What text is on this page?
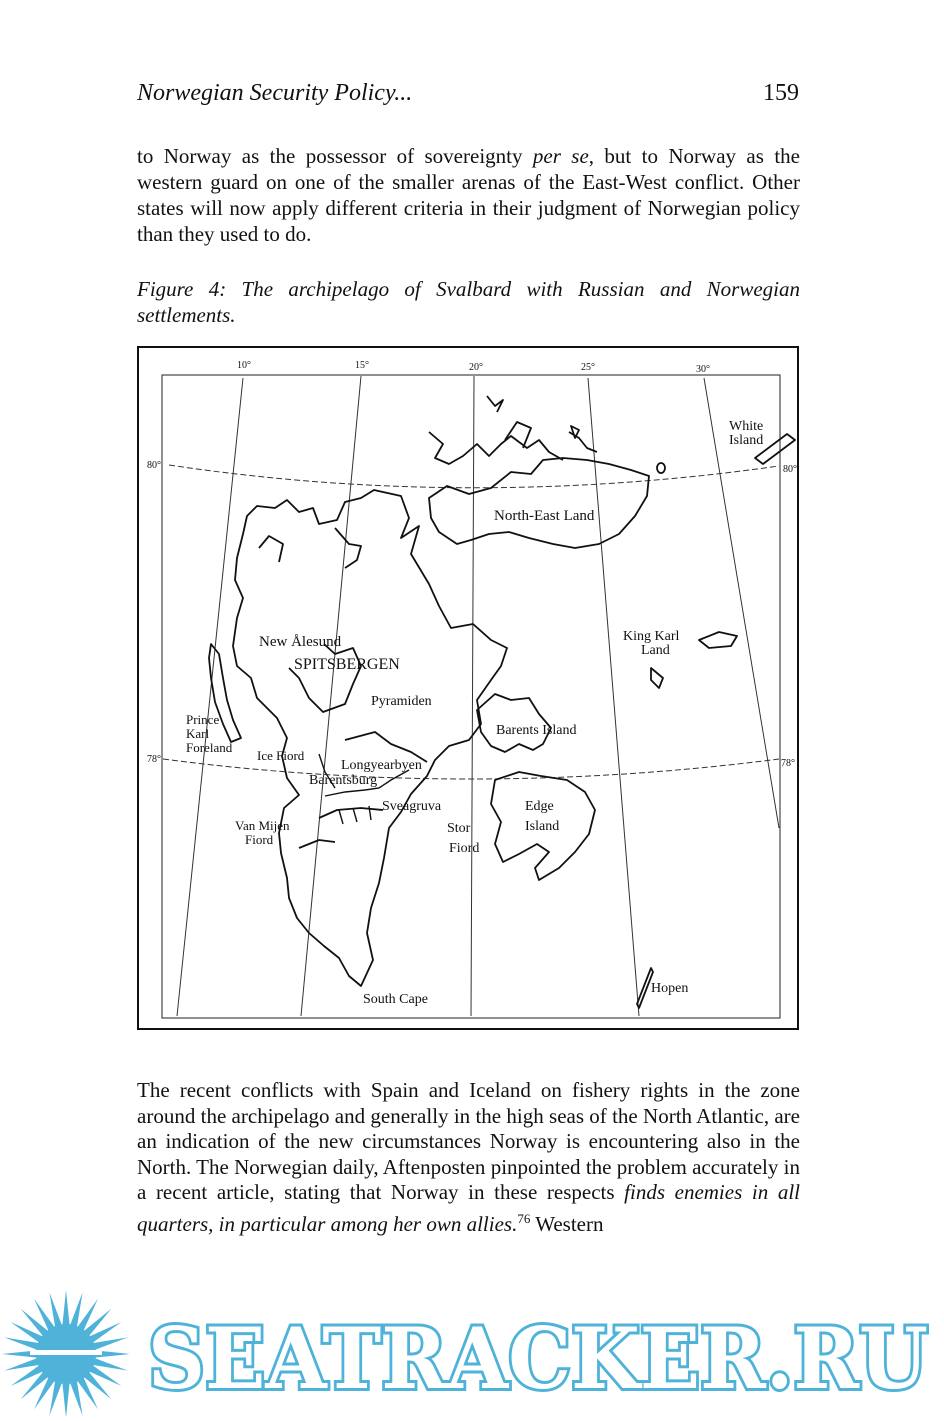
Norwegian Security Policy...	159

to Norway as the possessor of sovereignty per se, but to Norway as the western guard on one of the smaller arenas of the East-West conflict. Other states will now apply different criteria in their judgment of Norwegian policy than they used to do.

Figure 4: The archipelago of Svalbard with Russian and Norwegian settlements.
10°	15°	20°	25°	30°
80°	80°
78°	78°
White
Island
North-East Land
King Karl
Land
New Ålesund
SPITSBERGEN
Pyramiden
Prince
Karl
Foreland
Ice Fiord
Longyearbyen
Barentsburg
Barents Island
Sveagruva
Van Mijen
Fiord
Stor
Fiord
Edge
Island
South Cape
Hopen

The recent conflicts with Spain and Iceland on fishery rights in the zone around the archipelago and generally in the high seas of the North Atlantic, are an indication of the new circumstances Norway is encountering also in the North. The Norwegian daily, Aftenposten pinpointed the problem accurately in a recent article, stating that Norway in these respects finds enemies in all quarters, in particular among her own allies.$^{76}$ Western

SEATRACKER.RU
